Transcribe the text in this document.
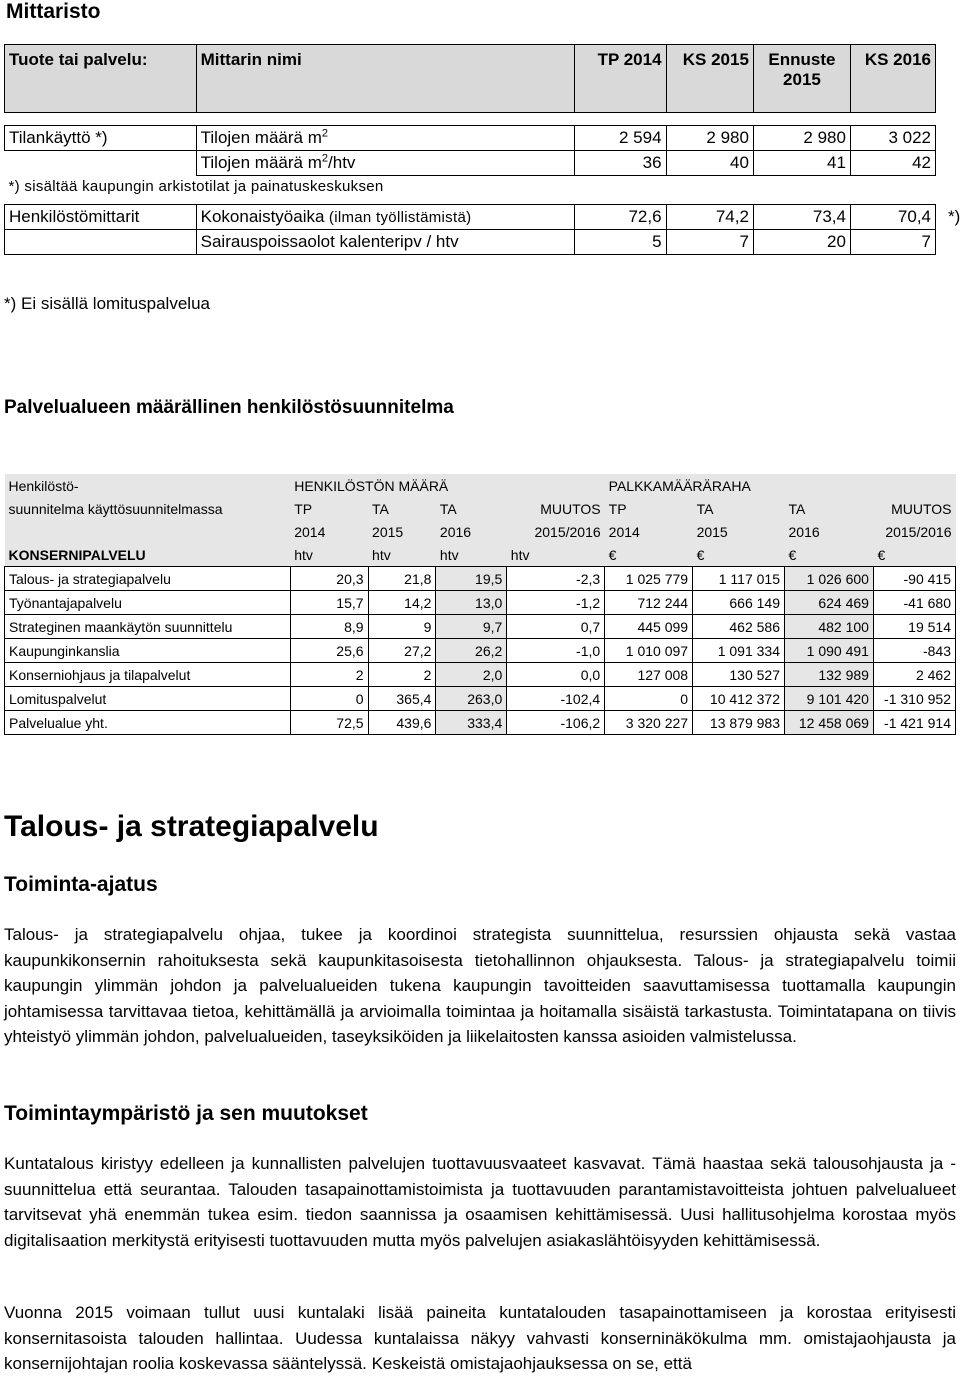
Mittaristo
Tuote tai palvelu:	Mittarin nimi	TP 2014	KS 2015	Ennuste 2015	KS 2016

Tilankäyttö *)	Tilojen määrä $m^2$	2 594	2 980	2 980	3 022
	Tilojen määrä $m^2$/htv	36	40	41	42
*) sisältää kaupungin arkistotilat ja painatuskeskuksen					

Henkilöstömittarit	Kokonaistyöaika (ilman työllistämistä)	72,6	74,2	73,4	70,4 *)

	Sairauspoissaolot kalenteripv / htv	5	7	20	7
*) Ei sisällä lomituspalvelua
Palvelualueen määrällinen henkilöstösuunnitelma
Henkilöstö-	HENKILÖSTÖN MÄÄRÄ				PALKKAMÄÄRÄRAHA			
suunnitelma käyttösuunnitelmassa	TP	TA	TA	MUUTOS	TP	TA	TA	MUUTOS
	2014	2015	2016	2015/2016	2014	2015	2016	2015/2016
KONSERNIPALVELU	htv	htv	htv	htv	€	€	€	€
Talous- ja strategiapalvelu	20,3	21,8	19,5	-2,3	1 025 779	1 117 015	1 026 600	-90 415
Työnantajapalvelu	15,7	14,2	13,0	-1,2	712 244	666 149	624 469	-41 680
Strateginen maankäytön suunnittelu	8,9	9	9,7	0,7	445 099	462 586	482 100	19 514
Kaupunginkanslia	25,6	27,2	26,2	-1,0	1 010 097	1 091 334	1 090 491	-843
Konserniohjaus ja tilapalvelut	2	2	2,0	0,0	127 008	130 527	132 989	2 462
Lomituspalvelut	0	365,4	263,0	-102,4	0	10 412 372	9 101 420	-1 310 952
Palvelualue yht.	72,5	439,6	333,4	-106,2	3 320 227	13 879 983	12 458 069	-1 421 914
Talous- ja strategiapalvelu
Toiminta-ajatus
Talous- ja strategiapalvelu ohjaa, tukee ja koordinoi strategista suunnittelua, resurssien ohjausta sekä vastaa kaupunkikonsernin rahoituksesta sekä kaupunkitasoisesta tietohallinnon ohjauksesta. Talous- ja strategiapalvelu toimii kaupungin ylimmän johdon ja palvelualueiden tukena kaupungin tavoitteiden saavuttamisessa tuottamalla kaupungin johtamisessa tarvittavaa tietoa, kehittämällä ja arvioimalla toimintaa ja hoitamalla sisäistä tarkastusta. Toimintatapana on tiivis yhteistyö ylimmän johdon, palvelualueiden, taseyksiköiden ja liikelaitosten kanssa asioiden valmistelussa.
Toimintaympäristö ja sen muutokset
Kuntatalous kiristyy edelleen ja kunnallisten palvelujen tuottavuusvaateet kasvavat. Tämä haastaa sekä talousohjausta ja -suunnittelua että seurantaa. Talouden tasapainottamistoimista ja tuottavuuden parantamistavoitteista johtuen palvelualueet tarvitsevat yhä enemmän tukea esim. tiedon saannissa ja osaamisen kehittämisessä. Uusi hallitusohjelma korostaa myös digitalisaation merkitystä erityisesti tuottavuuden mutta myös palvelujen asiakaslähtöisyyden kehittämisessä.
Vuonna 2015 voimaan tullut uusi kuntalaki lisää paineita kuntatalouden tasapainottamiseen ja korostaa erityisesti konsernitasoista talouden hallintaa. Uudessa kuntalaissa näkyy vahvasti konserninäkökulma mm. omistajaohjausta ja konsernijohtajan roolia koskevassa sääntelyssä. Keskeistä omistajaohjauksessa on se, että
